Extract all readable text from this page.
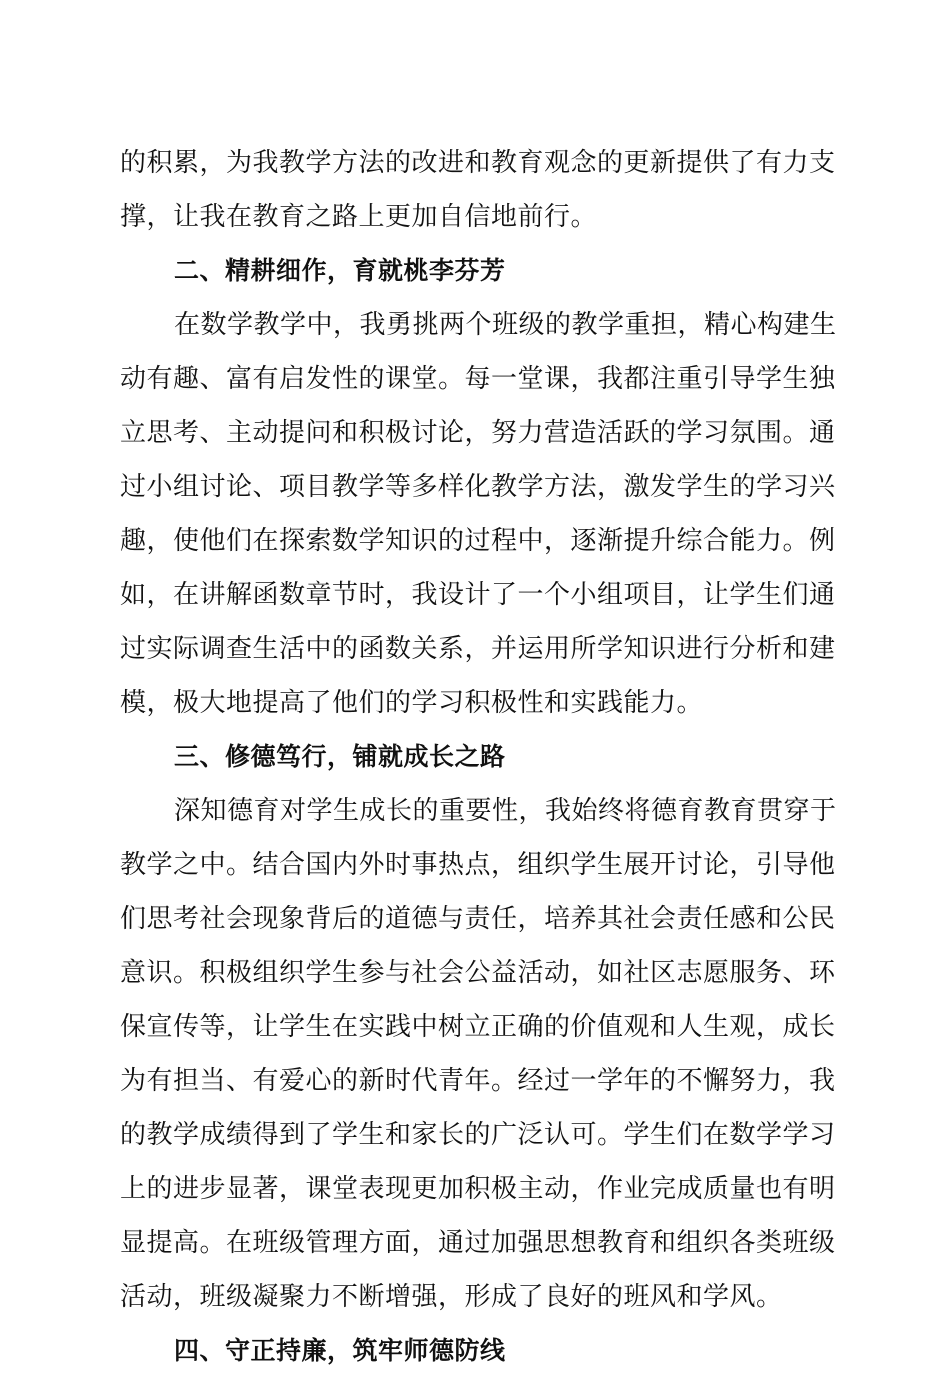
的积累，为我教学方法的改进和教育观念的更新提供了有力支
撑，让我在教育之路上更加自信地前行。
二、精耕细作，育就桃李芬芳
在数学教学中，我勇挑两个班级的教学重担，精心构建生
动有趣、富有启发性的课堂。每一堂课，我都注重引导学生独
立思考、主动提问和积极讨论，努力营造活跃的学习氛围。通
过小组讨论、项目教学等多样化教学方法，激发学生的学习兴
趣，使他们在探索数学知识的过程中，逐渐提升综合能力。例
如，在讲解函数章节时，我设计了一个小组项目，让学生们通
过实际调查生活中的函数关系，并运用所学知识进行分析和建
模，极大地提高了他们的学习积极性和实践能力。
三、修德笃行，铺就成长之路
深知德育对学生成长的重要性，我始终将德育教育贯穿于
教学之中。结合国内外时事热点，组织学生展开讨论，引导他
们思考社会现象背后的道德与责任，培养其社会责任感和公民
意识。积极组织学生参与社会公益活动，如社区志愿服务、环
保宣传等，让学生在实践中树立正确的价值观和人生观，成长
为有担当、有爱心的新时代青年。经过一学年的不懈努力，我
的教学成绩得到了学生和家长的广泛认可。学生们在数学学习
上的进步显著，课堂表现更加积极主动，作业完成质量也有明
显提高。在班级管理方面，通过加强思想教育和组织各类班级
活动，班级凝聚力不断增强，形成了良好的班风和学风。
四、守正持廉，筑牢师德防线
